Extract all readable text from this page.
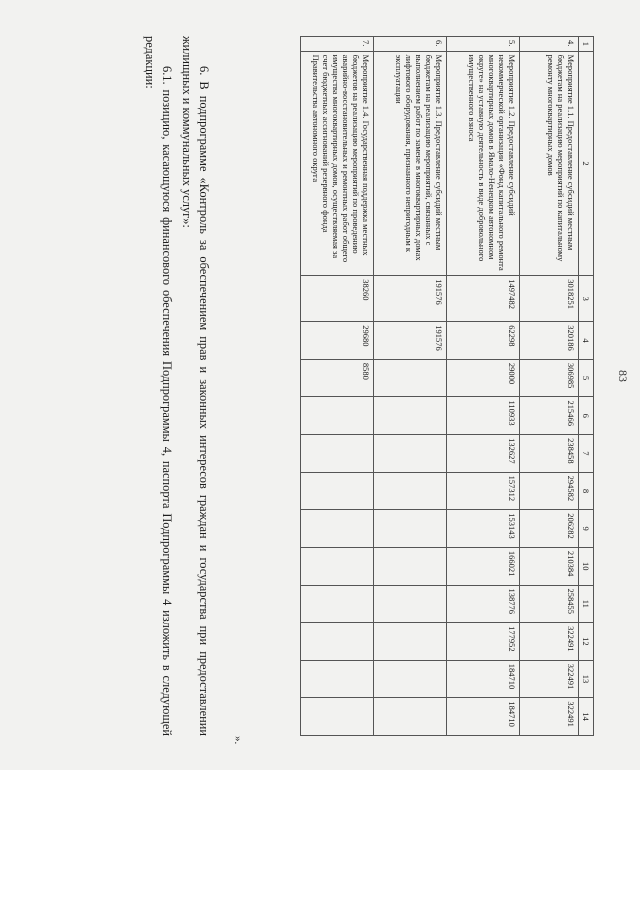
83
1	2	3	4	5	6	7	8	9	10	11	12	13	14
4.	Мероприятие 1.1. Предоставление субсидий местным бюджетам на реализацию мероприятий по капитальному ремонту многоквартирных домов	3018251	320186	306985	215466	238458	294582	206282	210384	258455	322491	322491	322491
5.	Мероприятие 1.2. Предоставление субсидий некоммерческой организации «Фонд капитального ремонта многоквартирных домов в Ямало-Ненецком автономном округе» на уставную деятельность в виде добровольного имущественного взноса	1497482	62298	29000	110933	132627	157312	153143	166021	138776	177952	184710	184710
6.	Мероприятие 1.3. Предоставление субсидий местным бюджетам на реализацию мероприятий, связанных с выполнением работ по замене в многоквартирных домах лифтового оборудования, признанного непригодным к эксплуатации	191576	191576										
7.	Мероприятие 1.4. Государственная поддержка местных бюджетов на реализацию мероприятий по проведению аварийно-восстановительных и ремонтных работ общего имущества многоквартирных домов, осуществляемая за счет бюджетных ассигнований резервного фонда Правительства автономного округа	38260	29680	8580									
».

6. В подпрограмме «Контроль за обеспечением прав и законных интересов граждан и государства при предоставлении жилищных и коммунальных услуг»:

6.1. позицию, касающуюся финансового обеспечения Подпрограммы 4, паспорта Подпрограммы 4 изложить в следующей редакции:
